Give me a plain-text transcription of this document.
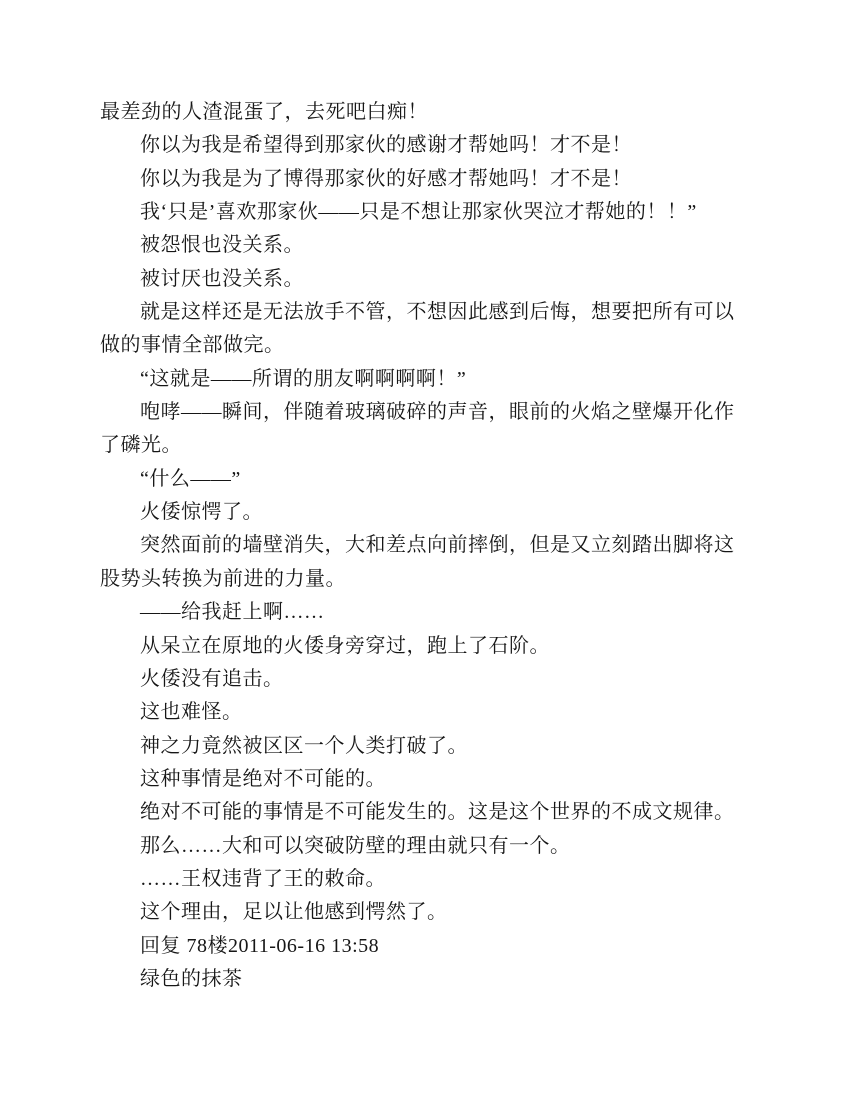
最差劲的人渣混蛋了，去死吧白痴！
你以为我是希望得到那家伙的感谢才帮她吗！才不是！
你以为我是为了博得那家伙的好感才帮她吗！才不是！
我‘只是’喜欢那家伙——只是不想让那家伙哭泣才帮她的！！”
被怨恨也没关系。
被讨厌也没关系。
就是这样还是无法放手不管，不想因此感到后悔，想要把所有可以
做的事情全部做完。
“这就是——所谓的朋友啊啊啊啊！”
咆哮——瞬间，伴随着玻璃破碎的声音，眼前的火焰之壁爆开化作
了磷光。
“什么——”
火倭惊愕了。
突然面前的墙壁消失，大和差点向前摔倒，但是又立刻踏出脚将这
股势头转换为前进的力量。
——给我赶上啊……
从呆立在原地的火倭身旁穿过，跑上了石阶。
火倭没有追击。
这也难怪。
神之力竟然被区区一个人类打破了。
这种事情是绝对不可能的。
绝对不可能的事情是不可能发生的。这是这个世界的不成文规律。
那么……大和可以突破防壁的理由就只有一个。
……王权违背了王的敕命。
这个理由，足以让他感到愕然了。
回复 78楼2011-06-16 13:58
绿色的抹茶
